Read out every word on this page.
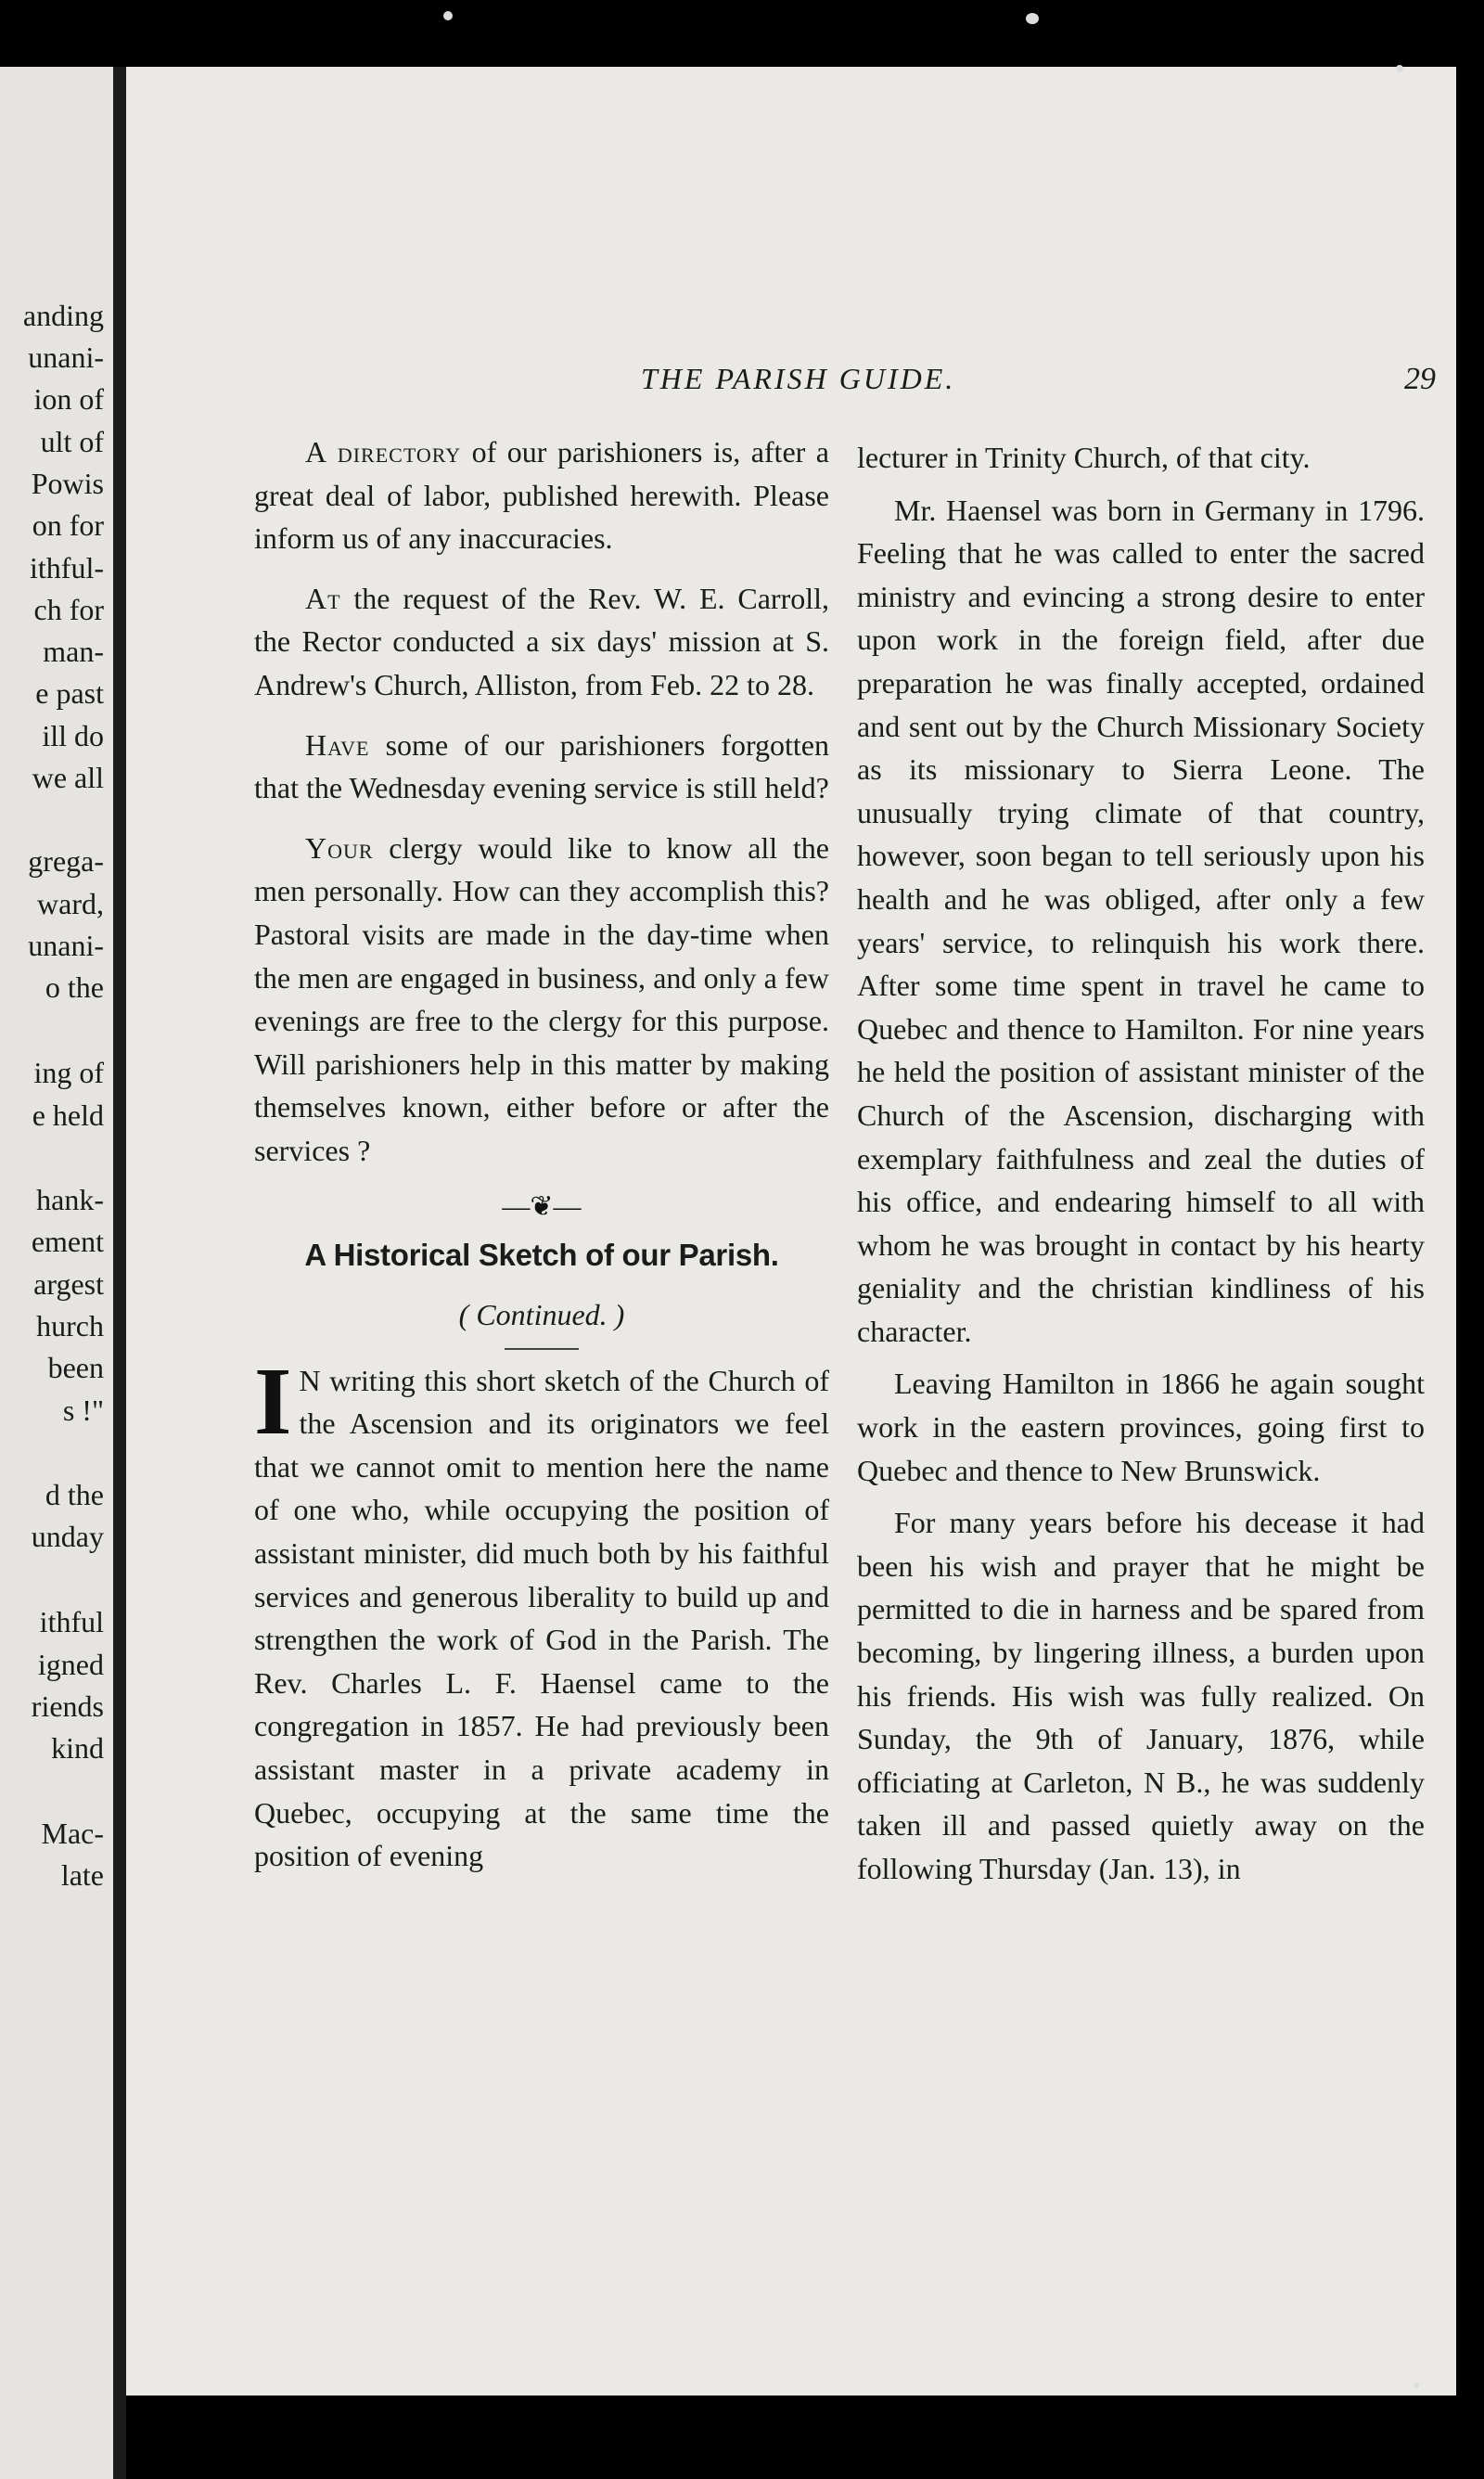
anding
unani-
ion of
ult of
Powis
on for
ithful-
ch for
man-
e past
ill do
we all
grega-
ward,
unani-
o the
ing of
e held
hank-
ement
argest
hurch
been
s !"
d the
unday
ithful
igned
riends
kind
Mac-
late
THE PARISH GUIDE.	29

A directory of our parishioners is, after a great deal of labor, published herewith. Please inform us of any inaccuracies.

At the request of the Rev. W. E. Carroll, the Rector conducted a six days' mission at S. Andrew's Church, Alliston, from Feb. 22 to 28.

Have some of our parishioners forgotten that the Wednesday evening service is still held?

Your clergy would like to know all the men personally. How can they accomplish this? Pastoral visits are made in the day-time when the men are engaged in business, and only a few evenings are free to the clergy for this purpose. Will parishioners help in this matter by making themselves known, either before or after the services ?

—❦—

A Historical Sketch of our Parish.

( Continued. )

I N writing this short sketch of the Church of the Ascension and its originators we feel that we cannot omit to mention here the name of one who, while occupying the position of assistant minister, did much both by his faithful services and generous liberality to build up and strengthen the work of God in the Parish. The Rev. Charles L. F. Haensel came to the congregation in 1857. He had previously been assistant master in a private academy in Quebec, occupying at the same time the position of evening

lecturer in Trinity Church, of that city.

Mr. Haensel was born in Germany in 1796. Feeling that he was called to enter the sacred ministry and evincing a strong desire to enter upon work in the foreign field, after due preparation he was finally accepted, ordained and sent out by the Church Missionary Society as its missionary to Sierra Leone. The unusually trying climate of that country, however, soon began to tell seriously upon his health and he was obliged, after only a few years' service, to relinquish his work there. After some time spent in travel he came to Quebec and thence to Hamilton. For nine years he held the position of assistant minister of the Church of the Ascension, discharging with exemplary faithfulness and zeal the duties of his office, and endearing himself to all with whom he was brought in contact by his hearty geniality and the christian kindliness of his character.

Leaving Hamilton in 1866 he again sought work in the eastern provinces, going first to Quebec and thence to New Brunswick.

For many years before his decease it had been his wish and prayer that he might be permitted to die in harness and be spared from becoming, by lingering illness, a burden upon his friends. His wish was fully realized. On Sunday, the 9th of January, 1876, while officiating at Carleton, N B., he was suddenly taken ill and passed quietly away on the following Thursday (Jan. 13), in
